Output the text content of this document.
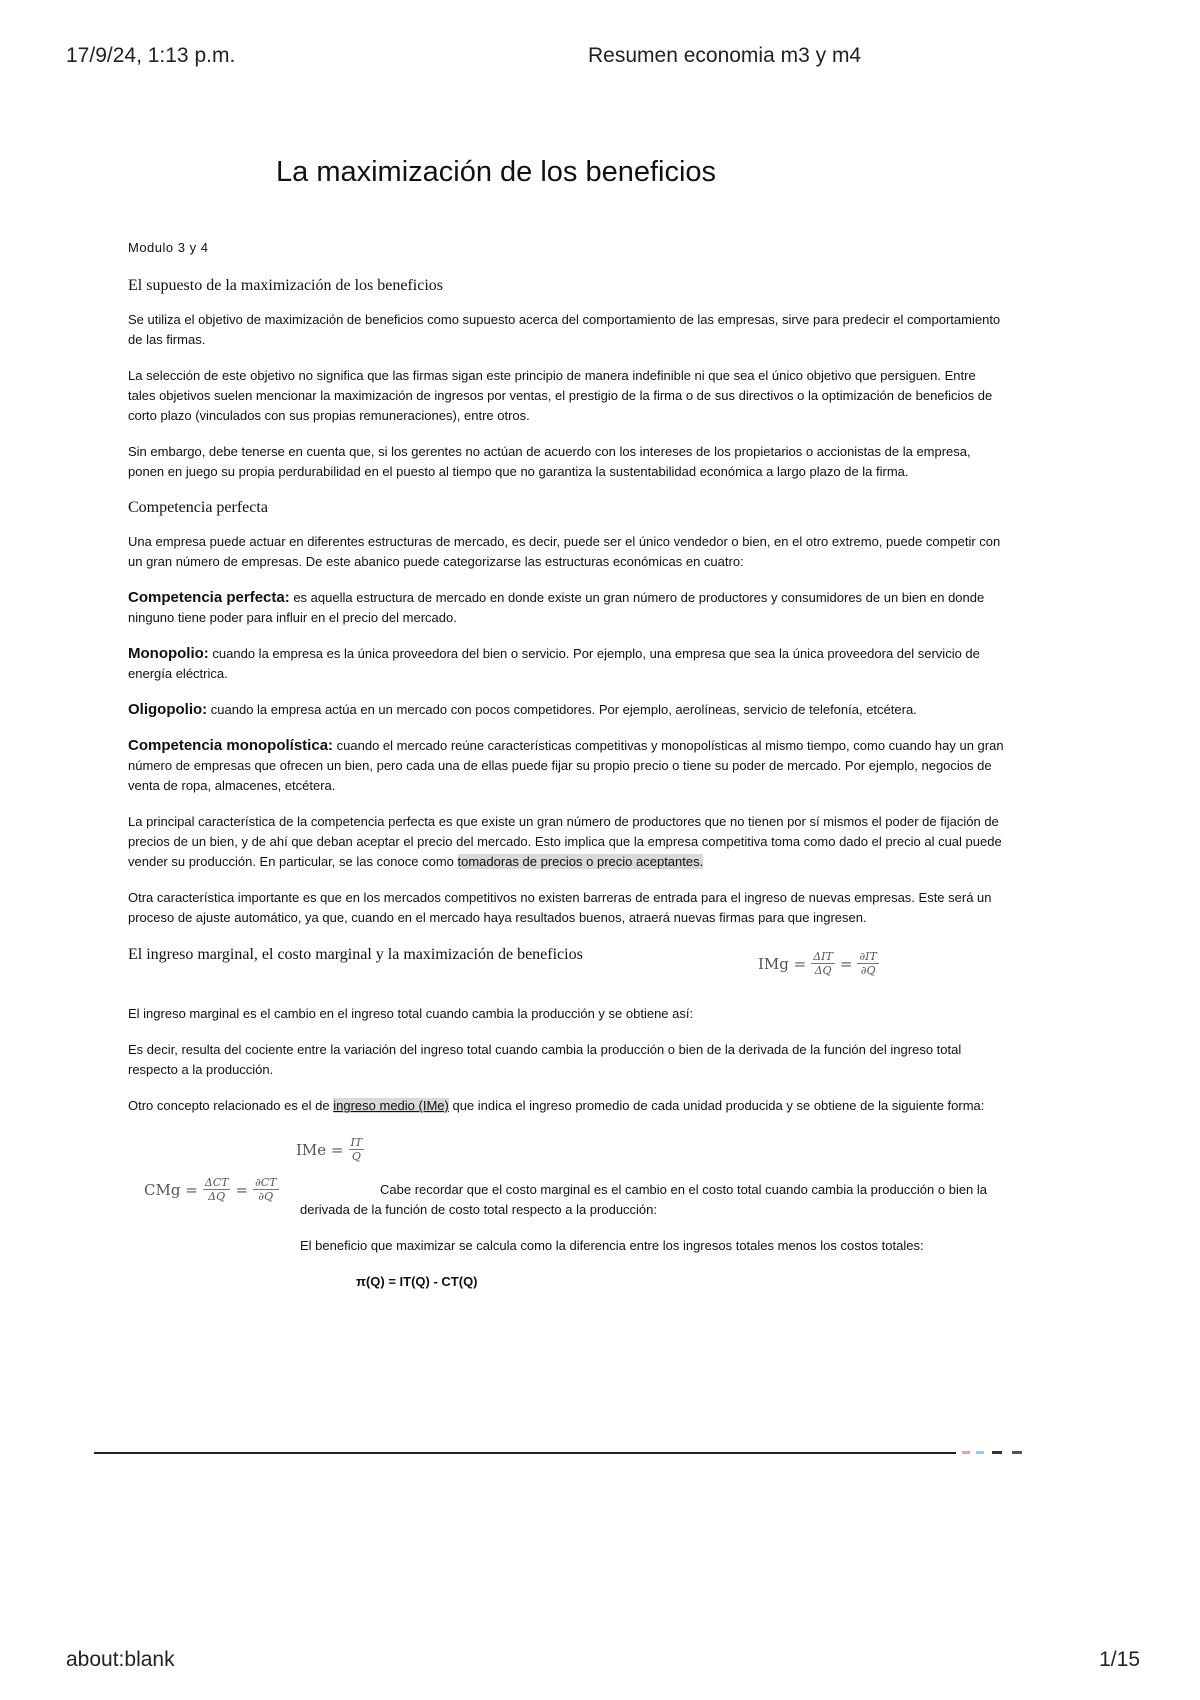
17/9/24, 1:13 p.m.	Resumen economia m3 y m4
La maximización de los beneficios
Modulo 3 y 4
El supuesto de la maximización de los beneficios

Se utiliza el objetivo de maximización de beneficios como supuesto acerca del comportamiento de las empresas, sirve para predecir el comportamiento de las firmas.

La selección de este objetivo no significa que las firmas sigan este principio de manera indefinible ni que sea el único objetivo que persiguen. Entre tales objetivos suelen mencionar la maximización de ingresos por ventas, el prestigio de la firma o de sus directivos o la optimización de beneficios de corto plazo (vinculados con sus propias remuneraciones), entre otros.

Sin embargo, debe tenerse en cuenta que, si los gerentes no actúan de acuerdo con los intereses de los propietarios o accionistas de la empresa, ponen en juego su propia perdurabilidad en el puesto al tiempo que no garantiza la sustentabilidad económica a largo plazo de la firma.

Competencia perfecta

Una empresa puede actuar en diferentes estructuras de mercado, es decir, puede ser el único vendedor o bien, en el otro extremo, puede competir con un gran número de empresas. De este abanico puede categorizarse las estructuras económicas en cuatro:

Competencia perfecta: es aquella estructura de mercado en donde existe un gran número de productores y consumidores de un bien en donde ninguno tiene poder para influir en el precio del mercado.

Monopolio: cuando la empresa es la única proveedora del bien o servicio. Por ejemplo, una empresa que sea la única proveedora del servicio de energía eléctrica.

Oligopolio: cuando la empresa actúa en un mercado con pocos competidores. Por ejemplo, aerolíneas, servicio de telefonía, etcétera.

Competencia monopolística: cuando el mercado reúne características competitivas y monopolísticas al mismo tiempo, como cuando hay un gran número de empresas que ofrecen un bien, pero cada una de ellas puede fijar su propio precio o tiene su poder de mercado. Por ejemplo, negocios de venta de ropa, almacenes, etcétera.

La principal característica de la competencia perfecta es que existe un gran número de productores que no tienen por sí mismos el poder de fijación de precios de un bien, y de ahí que deban aceptar el precio del mercado. Esto implica que la empresa competitiva toma como dado el precio al cual puede vender su producción. En particular, se las conoce como tomadoras de precios o precio aceptantes.

Otra característica importante es que en los mercados competitivos no existen barreras de entrada para el ingreso de nuevas empresas. Este será un proceso de ajuste automático, ya que, cuando en el mercado haya resultados buenos, atraerá nuevas firmas para que ingresen.

El ingreso marginal, el costo marginal y la maximización de beneficios	IMg = $\frac{\text{ΔIT}}{\Delta Q} = \frac{\partial IT}{\partial Q}$

El ingreso marginal es el cambio en el ingreso total cuando cambia la producción y se obtiene así:

Es decir, resulta del cociente entre la variación del ingreso total cuando cambia la producción o bien de la derivada de la función del ingreso total respecto a la producción.

Otro concepto relacionado es el de ingreso medio (IMe) que indica el ingreso promedio de cada unidad producida y se obtiene de la siguiente forma:

IMe = $\frac{IT}{Q}$
CMg = $\frac{\text{ΔCT}}{\Delta Q} = \frac{\partial CT}{\partial Q}$	Cabe recordar que el costo marginal es el cambio en el costo total cuando cambia la producción o bien la derivada de la función de costo total respecto a la producción:

El beneficio que maximizar se calcula como la diferencia entre los ingresos totales menos los costos totales:

π(Q) = IT(Q) - CT(Q)

about:blank	1/15
